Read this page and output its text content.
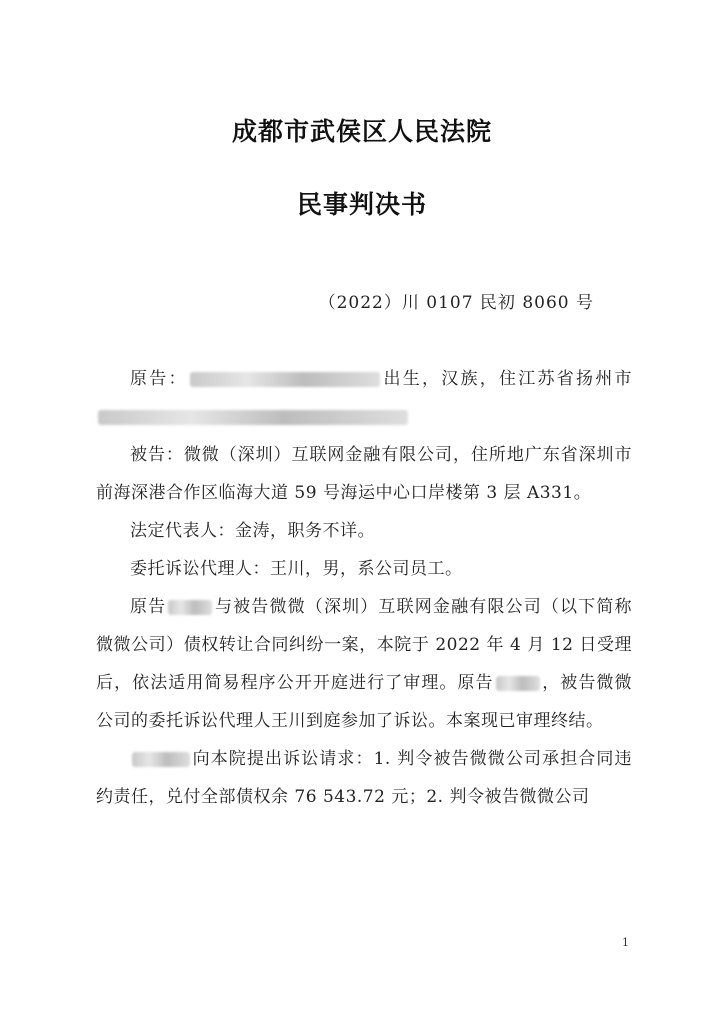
成都市武侯区人民法院
民事判决书
（2022）川 0107 民初 8060 号

原告：	出生，汉族，住江苏省扬州市

被告：微微（深圳）互联网金融有限公司，住所地广东省深圳市前海深港合作区临海大道 59 号海运中心口岸楼第 3 层 A331。

法定代表人：金涛，职务不详。

委托诉讼代理人：王川，男，系公司员工。

原告	与被告微微（深圳）互联网金融有限公司（以下简称微微公司）债权转让合同纠纷一案，本院于 2022 年 4 月 12 日受理后，依法适用简易程序公开开庭进行了审理。原告	，被告微微公司的委托诉讼代理人王川到庭参加了诉讼。本案现已审理终结。

向本院提出诉讼请求：1. 判令被告微微公司承担合同违约责任，兑付全部债权余 76 543.72 元；2. 判令被告微微公司

1
